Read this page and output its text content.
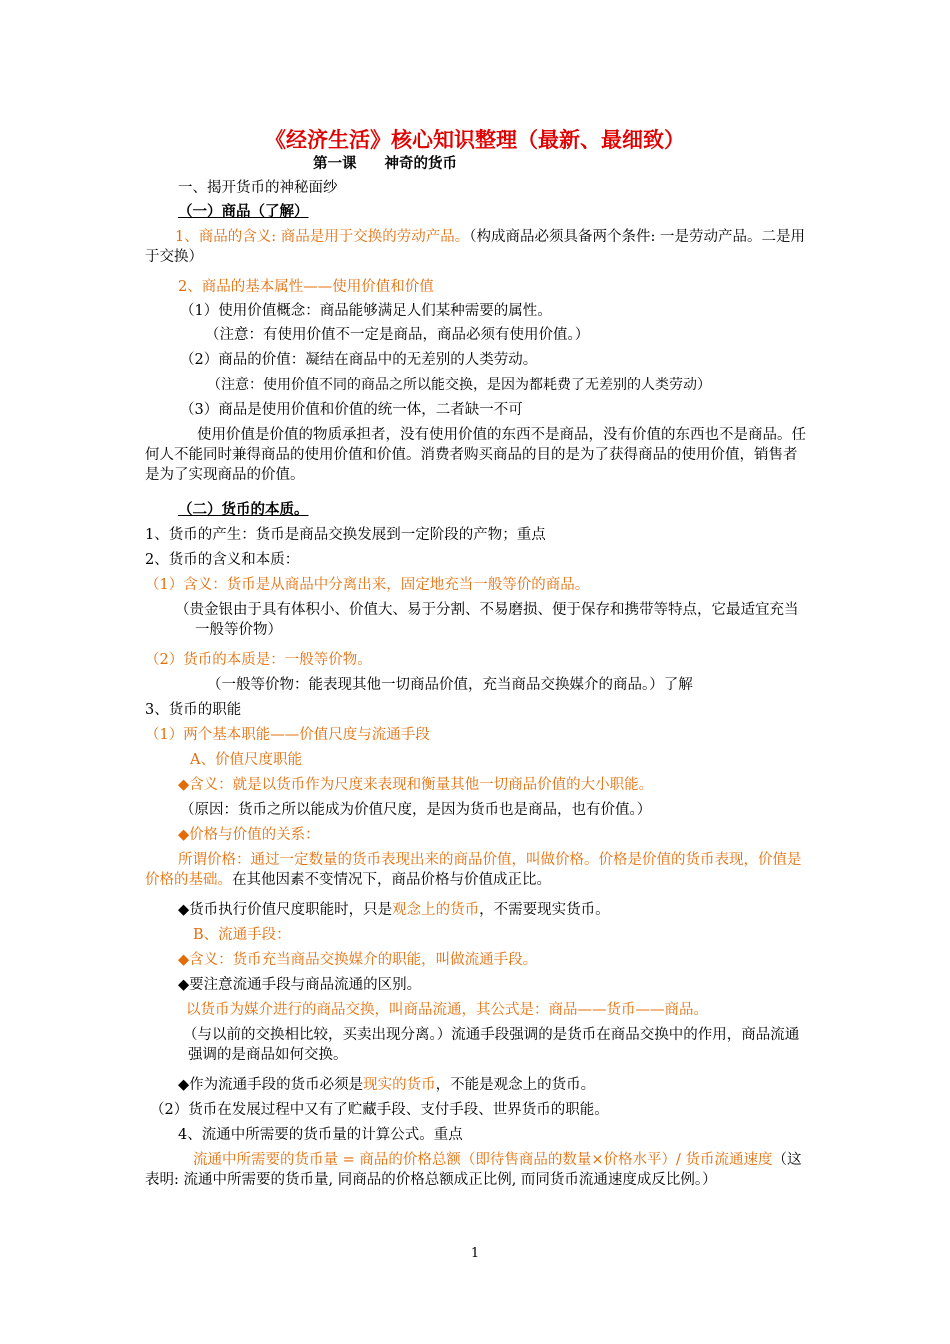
《经济生活》核心知识整理（最新、最细致）
第一课 神奇的货币
一、揭开货币的神秘面纱
（一）商品（了解）
1、商品的含义: 商品是用于交换的劳动产品。（构成商品必须具备两个条件: 一是劳动产品。二是用于交换）
2、商品的基本属性——使用价值和价值
（1）使用价值概念：商品能够满足人们某种需要的属性。
（注意：有使用价值不一定是商品，商品必须有使用价值。）
（2）商品的价值：凝结在商品中的无差别的人类劳动。
（注意：使用价值不同的商品之所以能交换，是因为都耗费了无差别的人类劳动）
（3）商品是使用价值和价值的统一体，二者缺一不可
使用价值是价值的物质承担者，没有使用价值的东西不是商品，没有价值的东西也不是商品。任何人不能同时兼得商品的使用价值和价值。消费者购买商品的目的是为了获得商品的使用价值，销售者是为了实现商品的价值。
（二）货币的本质。
1、货币的产生：货币是商品交换发展到一定阶段的产物；重点
2、货币的含义和本质：
（1）含义：货币是从商品中分离出来，固定地充当一般等价的商品。
（贵金银由于具有体积小、价值大、易于分割、不易磨损、便于保存和携带等特点，它最适宜充当一般等价物）
（2）货币的本质是：一般等价物。
（一般等价物：能表现其他一切商品价值，充当商品交换媒介的商品。）了解
3、货币的职能
（1）两个基本职能——价值尺度与流通手段
A、价值尺度职能
◆含义：就是以货币作为尺度来表现和衡量其他一切商品价值的大小职能。
（原因：货币之所以能成为价值尺度，是因为货币也是商品，也有价值。）
◆价格与价值的关系：
所谓价格：通过一定数量的货币表现出来的商品价值，叫做价格。价格是价值的货币表现，价值是价格的基础。在其他因素不变情况下，商品价格与价值成正比。
◆货币执行价值尺度职能时，只是观念上的货币，不需要现实货币。
B、流通手段：
◆含义：货币充当商品交换媒介的职能，叫做流通手段。
◆要注意流通手段与商品流通的区别。
以货币为媒介进行的商品交换，叫商品流通，其公式是：商品——货币——商品。
（与以前的交换相比较，买卖出现分离。）流通手段强调的是货币在商品交换中的作用，商品流通强调的是商品如何交换。
◆作为流通手段的货币必须是现实的货币，不能是观念上的货币。
（2）货币在发展过程中又有了贮藏手段、支付手段、世界货币的职能。
4、流通中所需要的货币量的计算公式。重点
流通中所需要的货币量 = 商品的价格总额（即待售商品的数量×价格水平）/ 货币流通速度（这表明: 流通中所需要的货币量, 同商品的价格总额成正比例, 而同货币流通速度成反比例。）
1
